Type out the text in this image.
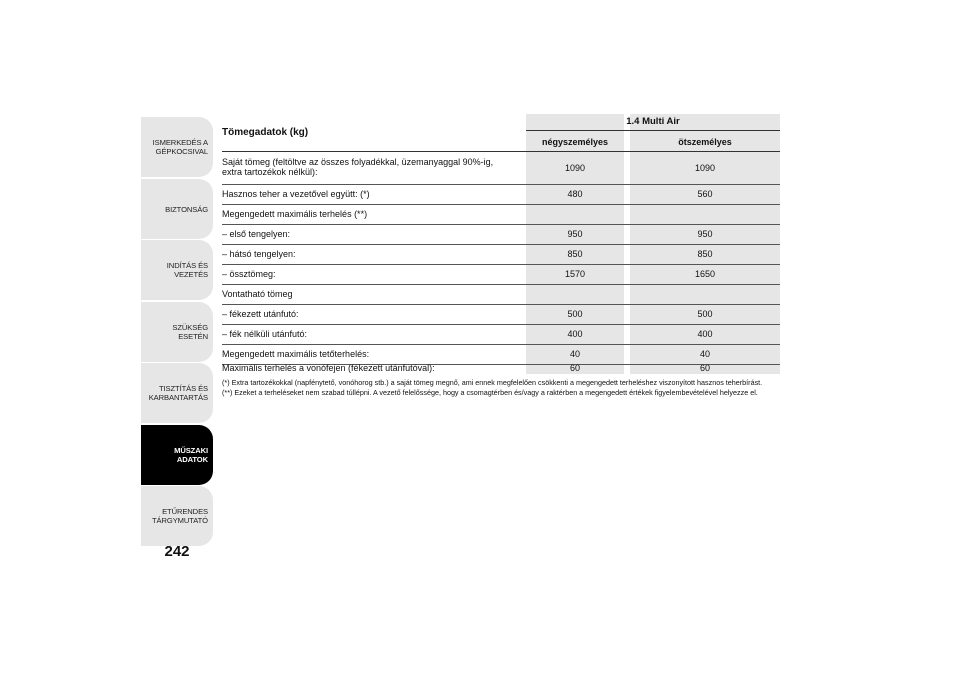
ISMERKEDÉS A
GÉPKOCSIVAL
BIZTONSÁG
INDÍTÁS ÉS VEZETÉS
SZÜKSÉG ESETÉN
TISZTÍTÁS ÉS
KARBANTARTÁS
MŰSZAKI
ADATOK
ETŰRENDES
TÁRGYMUTATÓ
242
Tömegadatok (kg)
1.4 Multi Air
négyszemélyes	ötszemélyes
Saját tömeg (feltöltve az összes folyadékkal, üzemanyaggal 90%-ig,
extra tartozékok nélkül):	1090	1090
Hasznos teher a vezetővel együtt: (*)	480	560
Megengedett maximális terhelés (**)
– első tengelyen:	950	950
– hátsó tengelyen:	850	850
– össztömeg:	1570	1650
Vontatható tömeg
– fékezett utánfutó:	500	500
– fék nélküli utánfutó:	400	400
Megengedett maximális tetőterhelés:	40	40
Maximális terhelés a vonófejen (fékezett utánfutóval):	60	60
(*) Extra tartozékokkal (napfénytető, vonóhorog stb.) a saját tömeg megnő, ami ennek megfelelően csökkenti a megengedett terheléshez viszonyított hasznos teherbírást.
(**) Ezeket a terheléseket nem szabad túllépni. A vezető felelőssége, hogy a csomagtérben és/vagy a raktérben a megengedett értékek figyelembevételével helyezze el.
